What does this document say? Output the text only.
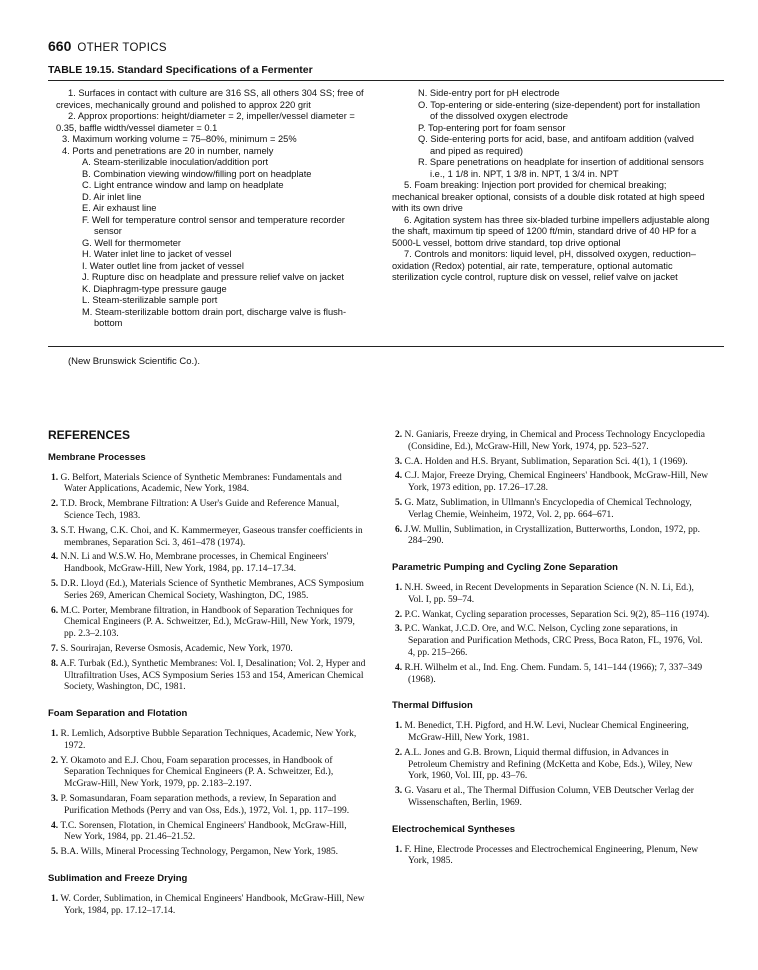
660 OTHER TOPICS
TABLE 19.15. Standard Specifications of a Fermenter

1. Surfaces in contact with culture are 316 SS, all others 304 SS; free of crevices, mechanically ground and polished to approx 220 grit

2. Approx proportions: height/diameter = 2, impeller/vessel diameter = 0.35, baffle width/vessel diameter = 0.1

3. Maximum working volume = 75–80%, minimum = 25%

4. Ports and penetrations are 20 in number, namely

A. Steam-sterilizable inoculation/addition port

B. Combination viewing window/filling port on headplate

C. Light entrance window and lamp on headplate

D. Air inlet line

E. Air exhaust line

F. Well for temperature control sensor and temperature recorder sensor

G. Well for thermometer

H. Water inlet line to jacket of vessel

I. Water outlet line from jacket of vessel

J. Rupture disc on headplate and pressure relief valve on jacket

K. Diaphragm-type pressure gauge

L. Steam-sterilizable sample port

M. Steam-sterilizable bottom drain port, discharge valve is flush-bottom

N. Side-entry port for pH electrode

O. Top-entering or side-entering (size-dependent) port for installation of the dissolved oxygen electrode

P. Top-entering port for foam sensor

Q. Side-entering ports for acid, base, and antifoam addition (valved and piped as required)

R. Spare penetrations on headplate for insertion of additional sensors i.e., 1 1/8 in. NPT, 1 3/8 in. NPT, 1 3/4 in. NPT

5. Foam breaking: Injection port provided for chemical breaking; mechanical breaker optional, consists of a double disk rotated at high speed with its own drive

6. Agitation system has three six-bladed turbine impellers adjustable along the shaft, maximum tip speed of 1200 ft/min, standard drive of 40 HP for a 5000-L vessel, bottom drive standard, top drive optional

7. Controls and monitors: liquid level, pH, dissolved oxygen, reduction–oxidation (Redox) potential, air rate, temperature, optional automatic sterilization cycle control, rupture disk on vessel, relief valve on jacket

(New Brunswick Scientific Co.).
REFERENCES
Membrane Processes
1. G. Belfort, Materials Science of Synthetic Membranes: Fundamentals and Water Applications, Academic, New York, 1984.
2. T.D. Brock, Membrane Filtration: A User's Guide and Reference Manual, Science Tech, 1983.
3. S.T. Hwang, C.K. Choi, and K. Kammermeyer, Gaseous transfer coefficients in membranes, Separation Sci. 3, 461–478 (1974).
4. N.N. Li and W.S.W. Ho, Membrane processes, in Chemical Engineers' Handbook, McGraw-Hill, New York, 1984, pp. 17.14–17.34.
5. D.R. Lloyd (Ed.), Materials Science of Synthetic Membranes, ACS Symposium Series 269, American Chemical Society, Washington, DC, 1985.
6. M.C. Porter, Membrane filtration, in Handbook of Separation Techniques for Chemical Engineers (P. A. Schweitzer, Ed.), McGraw-Hill, New York, 1979, pp. 2.3–2.103.
7. S. Sourirajan, Reverse Osmosis, Academic, New York, 1970.
8. A.F. Turbak (Ed.), Synthetic Membranes: Vol. I, Desalination; Vol. 2, Hyper and Ultrafiltration Uses, ACS Symposium Series 153 and 154, American Chemical Society, Washington, DC, 1981.
Foam Separation and Flotation
1. R. Lemlich, Adsorptive Bubble Separation Techniques, Academic, New York, 1972.
2. Y. Okamoto and E.J. Chou, Foam separation processes, in Handbook of Separation Techniques for Chemical Engineers (P. A. Schweitzer, Ed.), McGraw-Hill, New York, 1979, pp. 2.183–2.197.
3. P. Somasundaran, Foam separation methods, a review, In Separation and Purification Methods (Perry and van Oss, Eds.), 1972, Vol. 1, pp. 117–199.
4. T.C. Sorensen, Flotation, in Chemical Engineers' Handbook, McGraw-Hill, New York, 1984, pp. 21.46–21.52.
5. B.A. Wills, Mineral Processing Technology, Pergamon, New York, 1985.
Sublimation and Freeze Drying
1. W. Corder, Sublimation, in Chemical Engineers' Handbook, McGraw-Hill, New York, 1984, pp. 17.12–17.14.
2. N. Ganiaris, Freeze drying, in Chemical and Process Technology Encyclopedia (Considine, Ed.), McGraw-Hill, New York, 1974, pp. 523–527.
3. C.A. Holden and H.S. Bryant, Sublimation, Separation Sci. 4(1), 1 (1969).
4. C.J. Major, Freeze Drying, Chemical Engineers' Handbook, McGraw-Hill, New York, 1973 edition, pp. 17.26–17.28.
5. G. Matz, Sublimation, in Ullmann's Encyclopedia of Chemical Technology, Verlag Chemie, Weinheim, 1972, Vol. 2, pp. 664–671.
6. J.W. Mullin, Sublimation, in Crystallization, Butterworths, London, 1972, pp. 284–290.
Parametric Pumping and Cycling Zone Separation
1. N.H. Sweed, in Recent Developments in Separation Science (N. N. Li, Ed.), Vol. I, pp. 59–74.
2. P.C. Wankat, Cycling separation processes, Separation Sci. 9(2), 85–116 (1974).
3. P.C. Wankat, J.C.D. Ore, and W.C. Nelson, Cycling zone separations, in Separation and Purification Methods, CRC Press, Boca Raton, FL, 1976, Vol. 4, pp. 215–266.
4. R.H. Wilhelm et al., Ind. Eng. Chem. Fundam. 5, 141–144 (1966); 7, 337–349 (1968).
Thermal Diffusion
1. M. Benedict, T.H. Pigford, and H.W. Levi, Nuclear Chemical Engineering, McGraw-Hill, New York, 1981.
2. A.L. Jones and G.B. Brown, Liquid thermal diffusion, in Advances in Petroleum Chemistry and Refining (McKetta and Kobe, Eds.), Wiley, New York, 1960, Vol. III, pp. 43–76.
3. G. Vasaru et al., The Thermal Diffusion Column, VEB Deutscher Verlag der Wissenschaften, Berlin, 1969.
Electrochemical Syntheses
1. F. Hine, Electrode Processes and Electrochemical Engineering, Plenum, New York, 1985.
